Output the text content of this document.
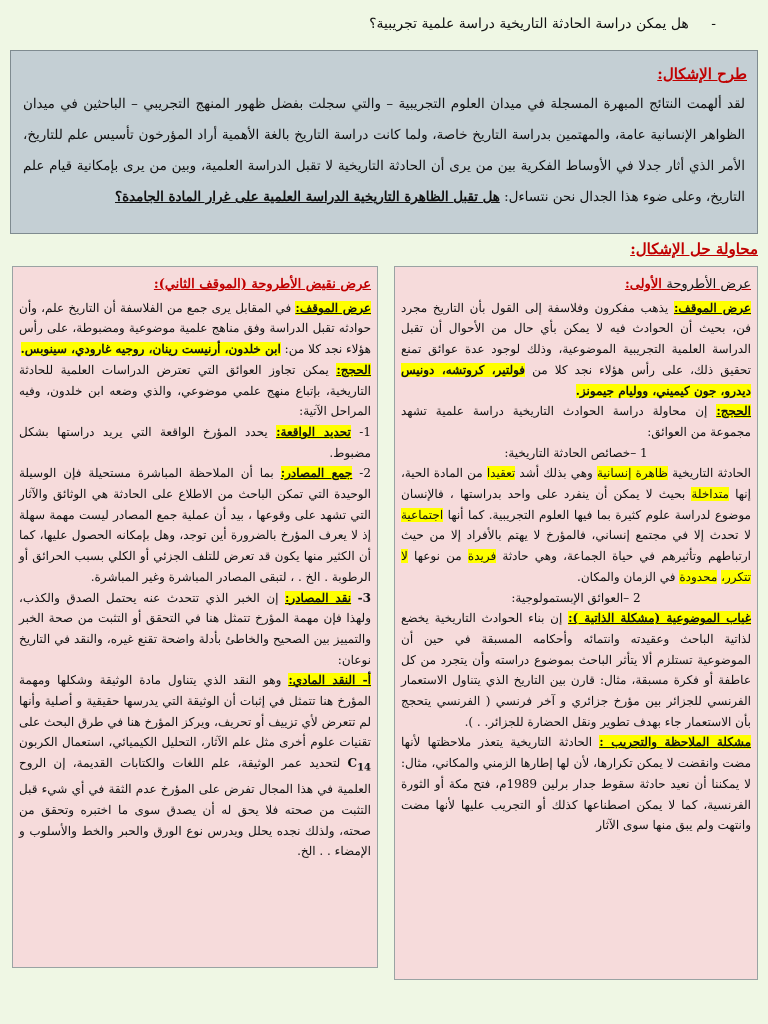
- هل يمكن دراسة الحادثة التاريخية دراسة علمية تجريبية؟
طرح الإشكال:

لقد ألهمت النتائج المبهرة المسجلة في ميدان العلوم التجريبية – والتي سجلت بفضل ظهور المنهج التجريبي – الباحثين في ميدان الظواهر الإنسانية عامة، والمهتمين بدراسة التاريخ خاصة، ولما كانت دراسة التاريخ بالغة الأهمية أراد المؤرخون تأسيس علم للتاريخ، الأمر الذي أثار جدلا في الأوساط الفكرية بين من يرى أن الحادثة التاريخية لا تقبل الدراسة العلمية، وبين من يرى بإمكانية قيام علم التاريخ، وعلى ضوء هذا الجدال نحن نتساءل: هل تقبل الظاهرة التاريخية الدراسة العلمية على غرار المادة الجامدة؟

محاولة حل الإشكال:
عرض الأطروحة الأولى:

عرض الموقف: يذهب مفكرون وفلاسفة إلى القول بأن التاريخ مجرد فن، بحيث أن الحوادث فيه لا يمكن بأي حال من الأحوال أن تقبل الدراسة العلمية التجريبية الموضوعية، وذلك لوجود عدة عوائق تمنع تحقيق ذلك، على رأس هؤلاء نجد كلا من فولتير، كروتشه، دونيس ديدرو، جون كيميني، ووليام جيمونز.

الحجج: إن محاولة دراسة الحوادث التاريخية دراسة علمية تشهد مجموعة من العوائق:

1 –خصائص الحادثة التاريخية:

الحادثة التاريخية ظاهرة إنسانية وهي بذلك أشد تعقيدا من المادة الحية، إنها متداخلة بحيث لا يمكن أن ينفرد على واحد بدراستها ، فالإنسان موضوع لدراسة علوم كثيرة بما فيها العلوم التجريبية. كما أنها اجتماعية لا تحدث إلا في مجتمع إنساني، فالمؤرخ لا يهتم بالأفراد إلا من حيث ارتباطهم وتأثيرهم في حياة الجماعة، وهي حادثة فريدة من نوعها لا تتكرر، محدودة في الزمان والمكان.

2 –العوائق الإبستمولوجية:

غياب الموضوعية (مشكلة الذاتية ): إن بناء الحوادث التاريخية يخضع لذاتية الباحث وعقيدته وانتمائه وأحكامه المسبقة في حين أن الموضوعية تستلزم ألا يتأثر الباحث بموضوع دراسته وأن يتجرد من كل عاطفة أو فكرة مسبقة، مثال: قارن بين التاريخ الذي يتناول الاستعمار الفرنسي للجزائر بين مؤرخ جزائري و آخر فرنسي ( الفرنسي يتحجج بأن الاستعمار جاء بهدف تطوير ونقل الحضارة للجزائر. . ).

مشكلة الملاحظة والتجريب : الحادثة التاريخية يتعذر ملاحظتها لأنها مضت وانقضت لا يمكن تكرارها، لأن لها إطارها الزمني والمكاني، مثال: لا يمكننا أن نعيد حادثة سقوط جدار برلين 1989م، فتح مكة أو الثورة الفرنسية، كما لا يمكن اصطناعها كذلك أو التجريب عليها لأنها مضت وانتهت ولم يبق منها سوى الآثار

عرض نقيض الأطروحة (الموقف الثاني):

عرض الموقف: في المقابل يرى جمع من الفلاسفة أن التاريخ علم، وأن حوادثه تقبل الدراسة وفق مناهج علمية موضوعية ومضبوطة، على رأس هؤلاء نجد كلا من: ابن خلدون، أرنيست رينان، روجيه غارودي، سينوبس.

الحجج: يمكن تجاوز العوائق التي تعترض الدراسات العلمية للحادثة التاريخية، بإتباع منهج علمي موضوعي، والذي وضعه ابن خلدون، وفيه المراحل الآتية:

1- تحديد الواقعة: يحدد المؤرخ الواقعة التي يريد دراستها بشكل مضبوط.

2- جمع المصادر: بما أن الملاحظة المباشرة مستحيلة فإن الوسيلة الوحيدة التي تمكن الباحث من الاطلاع على الحادثة هي الوثائق والآثار التي تشهد على وقوعها ، بيد أن عملية جمع المصادر ليست مهمة سهلة إذ لا يعرف المؤرخ بالضرورة أين توجد، وهل بإمكانه الحصول عليها، كما أن الكثير منها يكون قد تعرض للتلف الجزئي أو الكلي بسبب الحرائق أو الرطوبة . الخ . ، لتبقى المصادر المباشرة وغير المباشرة.

3- نقد المصادر: إن الخبر الذي تتحدث عنه يحتمل الصدق والكذب، ولهذا فإن مهمة المؤرخ تتمثل هنا في التحقق أو التثبت من صحة الخبر والتمييز بين الصحيح والخاطئ بأدلة واضحة تقنع غيره، والنقد في التاريخ نوعان:

أ- النقد المادي: وهو النقد الذي يتناول مادة الوثيقة وشكلها ومهمة المؤرخ هنا تتمثل في إثبات أن الوثيقة التي يدرسها حقيقية و أصلية وأنها لم تتعرض لأي تزييف أو تحريف، ويركز المؤرخ هنا في طرق البحث على تقنيات علوم أخرى مثل علم الآثار، التحليل الكيميائي، استعمال الكربون $C_{14}$ لتحديد عمر الوثيقة، علم اللغات والكتابات القديمة، إن الروح العلمية في هذا المجال تفرض على المؤرخ عدم الثقة في أي شيء قبل التثبت من صحته فلا يحق له أن يصدق سوى ما اختبره وتحقق من صحته، ولذلك نجده يحلل ويدرس نوع الورق والحبر والخط والأسلوب و الإمضاء . . الخ.
